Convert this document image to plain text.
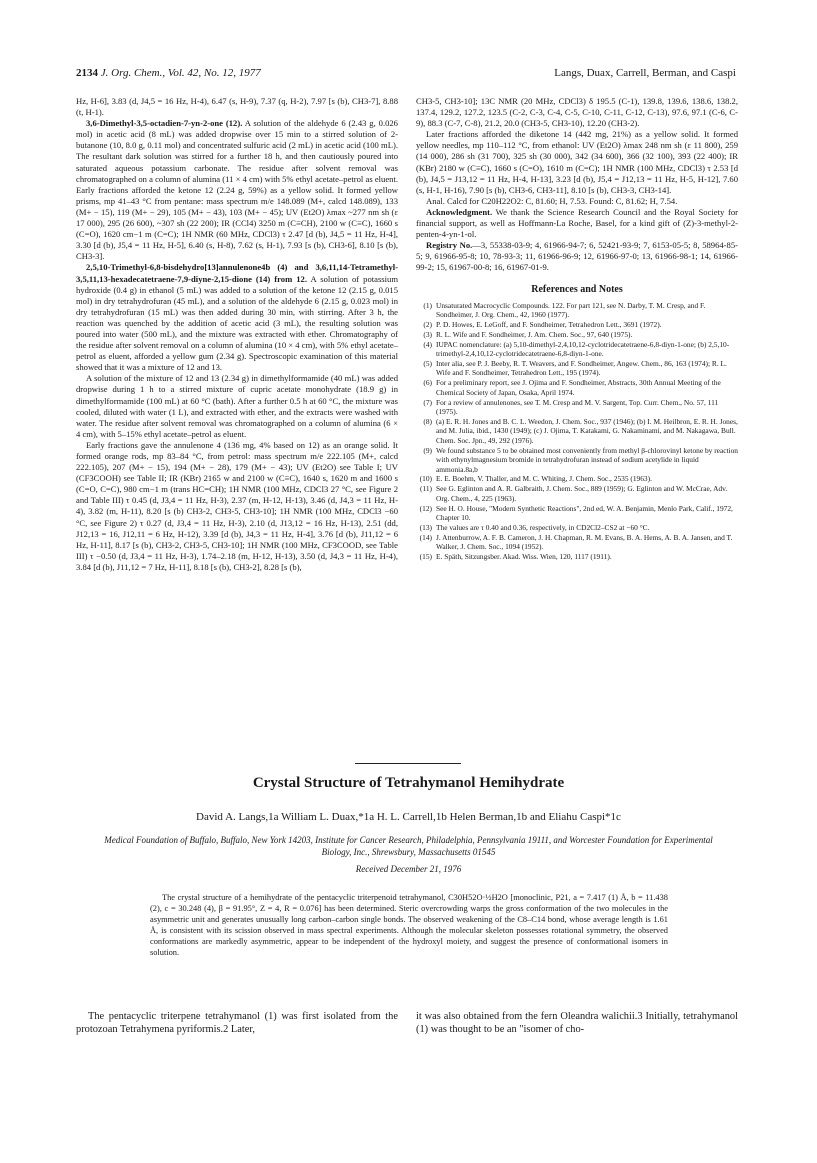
2134 J. Org. Chem., Vol. 42, No. 12, 1977	Langs, Duax, Carrell, Berman, and Caspi

Hz, H-6], 3.83 (d, J4,5 = 16 Hz, H-4), 6.47 (s, H-9), 7.37 (q, H-2), 7.97 [s (b), CH3-7], 8.88 (t, H-1).

3,6-Dimethyl-3,5-octadien-7-yn-2-one (12). A solution of the aldehyde 6 (2.43 g, 0.026 mol) in acetic acid (8 mL) was added dropwise over 15 min to a stirred solution of 2-butanone (10, 8.0 g, 0.11 mol) and concentrated sulfuric acid (2 mL) in acetic acid (100 mL). The resultant dark solution was stirred for a further 18 h, and then cautiously poured into saturated aqueous potassium carbonate. The residue after solvent removal was chromatographed on a column of alumina (11 × 4 cm) with 5% ethyl acetate–petrol as eluent. Early fractions afforded the ketone 12 (2.24 g, 59%) as a yellow solid. It formed yellow prisms, mp 41–43 °C from pentane: mass spectrum m/e 148.089 (M+, calcd 148.089), 133 (M+ − 15), 119 (M+ − 29), 105 (M+ − 43), 103 (M+ − 45); UV (Et2O) λmax ~277 nm sh (ε 17 000), 295 (26 600), ~307 sh (22 200); IR (CCl4) 3250 m (C≡CH), 2100 w (C≡C), 1660 s (C=O), 1620 cm−1 m (C=C); 1H NMR (60 MHz, CDCl3) τ 2.47 [d (b), J4,5 = 11 Hz, H-4], 3.30 [d (b), J5,4 = 11 Hz, H-5], 6.40 (s, H-8), 7.62 (s, H-1), 7.93 [s (b), CH3-6], 8.10 [s (b), CH3-3].

2,5,10-Trimethyl-6,8-bisdehydro[13]annulenone4b (4) and 3,6,11,14-Tetramethyl-3,5,11,13-hexadecatetraene-7,9-diyne-2,15-dione (14) from 12. A solution of potassium hydroxide (0.4 g) in ethanol (5 mL) was added to a solution of the ketone 12 (2.15 g, 0.015 mol) in dry tetrahydrofuran (45 mL), and a solution of the aldehyde 6 (2.15 g, 0.023 mol) in dry tetrahydrofuran (15 mL) was then added during 30 min, with stirring. After 3 h, the reaction was quenched by the addition of acetic acid (3 mL), the resulting solution was poured into water (500 mL), and the mixture was extracted with ether. Chromatography of the residue after solvent removal on a column of alumina (10 × 4 cm), with 5% ethyl acetate–petrol as eluent, afforded a yellow gum (2.34 g). Spectroscopic examination of this material showed that it was a mixture of 12 and 13.

A solution of the mixture of 12 and 13 (2.34 g) in dimethylformamide (40 mL) was added dropwise during 1 h to a stirred mixture of cupric acetate monohydrate (18.9 g) in dimethylformamide (100 mL) at 60 °C (bath). After a further 0.5 h at 60 °C, the mixture was cooled, diluted with water (1 L), and extracted with ether, and the extracts were washed with water. The residue after solvent removal was chromatographed on a column of alumina (6 × 4 cm), with 5–15% ethyl acetate–petrol as eluent.

Early fractions gave the annulenone 4 (136 mg, 4% based on 12) as an orange solid. It formed orange rods, mp 83–84 °C, from petrol: mass spectrum m/e 222.105 (M+, calcd 222.105), 207 (M+ − 15), 194 (M+ − 28), 179 (M+ − 43); UV (Et2O) see Table I; UV (CF3COOH) see Table II; IR (KBr) 2165 w and 2100 w (C≡C), 1640 s, 1620 m and 1600 s (C=O, C=C), 980 cm−1 m (trans HC=CH); 1H NMR (100 MHz, CDCl3 27 °C, see Figure 2 and Table III) τ 0.45 (d, J3,4 = 11 Hz, H-3), 2.37 (m, H-12, H-13), 3.46 (d, J4,3 = 11 Hz, H-4), 3.82 (m, H-11), 8.20 [s (b) CH3-2, CH3-5, CH3-10]; 1H NMR (100 MHz, CDCl3 −60 °C, see Figure 2) τ 0.27 (d, J3,4 = 11 Hz, H-3), 2.10 (d, J13,12 = 16 Hz, H-13), 2.51 (dd, J12,13 = 16, J12,11 = 6 Hz, H-12), 3.39 [d (b), J4,3 = 11 Hz, H-4], 3.76 [d (b), J11,12 = 6 Hz, H-11], 8.17 [s (b), CH3-2, CH3-5, CH3-10]; 1H NMR (100 MHz, CF3COOD, see Table III) τ −0.50 (d, J3,4 = 11 Hz, H-3), 1.74–2.18 (m, H-12, H-13), 3.50 (d, J4,3 = 11 Hz, H-4), 3.84 [d (b), J11,12 = 7 Hz, H-11], 8.18 [s (b), CH3-2], 8.28 [s (b),

CH3-5, CH3-10]; 13C NMR (20 MHz, CDCl3) δ 195.5 (C-1), 139.8, 139.6, 138.6, 138.2, 137.4, 129.2, 127.2, 123.5 (C-2, C-3, C-4, C-5, C-10, C-11, C-12, C-13), 97.6, 97.1 (C-6, C-9), 88.3 (C-7, C-8), 21.2, 20.0 (CH3-5, CH3-10), 12.20 (CH3-2).

Later fractions afforded the diketone 14 (442 mg, 21%) as a yellow solid. It formed yellow needles, mp 110–112 °C, from ethanol: UV (Et2O) λmax 248 nm sh (ε 11 800), 259 (14 000), 286 sh (31 700), 325 sh (30 000), 342 (34 600), 366 (32 100), 393 (22 400); IR (KBr) 2180 w (C≡C), 1660 s (C=O), 1610 m (C=C); 1H NMR (100 MHz, CDCl3) τ 2.53 [d (b), J4,5 = J13,12 = 11 Hz, H-4, H-13], 3.23 [d (b), J5,4 = J12,13 = 11 Hz, H-5, H-12], 7.60 (s, H-1, H-16), 7.90 [s (b), CH3-6, CH3-11], 8.10 [s (b), CH3-3, CH3-14].

Anal. Calcd for C20H22O2: C, 81.60; H, 7.53. Found: C, 81.62; H, 7.54.

Acknowledgment. We thank the Science Research Council and the Royal Society for financial support, as well as Hoffmann-La Roche, Basel, for a kind gift of (Z)-3-methyl-2-penten-4-yn-1-ol.

Registry No.—3, 55338-03-9; 4, 61966-94-7; 6, 52421-93-9; 7, 6153-05-5; 8, 58964-85-5; 9, 61966-95-8; 10, 78-93-3; 11, 61966-96-9; 12, 61966-97-0; 13, 61966-98-1; 14, 61966-99-2; 15, 61967-00-8; 16, 61967-01-9.

References and Notes
(1) Unsaturated Macrocyclic Compounds. 122. For part 121, see N. Darby, T. M. Cresp, and F. Sondheimer, J. Org. Chem., 42, 1960 (1977).
(2) P. D. Howes, E. LeGoff, and F. Sondheimer, Tetrahedron Lett., 3691 (1972).
(3) R. L. Wife and F. Sondheimer, J. Am. Chem. Soc., 97, 640 (1975).
(4) IUPAC nomenclature: (a) 5,10-dimethyl-2,4,10,12-cyclotridecatetraene-6,8-diyn-1-one; (b) 2,5,10-trimethyl-2,4,10,12-cyclotridecatetraene-6,8-diyn-1-one.
(5) Inter alia, see P. J. Beeby, R. T. Weavers, and F. Sondheimer, Angew. Chem., 86, 163 (1974); R. L. Wife and F. Sondheimer, Tetrahedron Lett., 195 (1974).
(6) For a preliminary report, see J. Ojima and F. Sondheimer, Abstracts, 30th Annual Meeting of the Chemical Society of Japan, Osaka, April 1974.
(7) For a review of annulenones, see T. M. Cresp and M. V. Sargent, Top. Curr. Chem., No. 57, 111 (1975).
(8) (a) E. R. H. Jones and B. C. L. Weedon, J. Chem. Soc., 937 (1946); (b) I. M. Heilbron, E. R. H. Jones, and M. Julia, ibid., 1430 (1949); (c) J. Ojima, T. Katakami, G. Nakaminami, and M. Nakagawa, Bull. Chem. Soc. Jpn., 49, 292 (1976).
(9) We found substance 5 to be obtained most conveniently from methyl β-chlorovinyl ketone by reaction with ethynylmagnesium bromide in tetrahydrofuran instead of sodium acetylide in liquid ammonia.8a,b
(10) E. E. Boehm, V. Thaller, and M. C. Whiting, J. Chem. Soc., 2535 (1963).
(11) See G. Eglinton and A. R. Galbraith, J. Chem. Soc., 889 (1959); G. Eglinton and W. McCrae, Adv. Org. Chem., 4, 225 (1963).
(12) See H. O. House, "Modern Synthetic Reactions", 2nd ed, W. A. Benjamin, Menlo Park, Calif., 1972, Chapter 10.
(13) The values are τ 0.40 and 0.36, respectively, in CD2Cl2–CS2 at −60 °C.
(14) J. Attenburrow, A. F. B. Cameron, J. H. Chapman, R. M. Evans, B. A. Hems, A. B. A. Jansen, and T. Walker, J. Chem. Soc., 1094 (1952).
(15) E. Späth, Sitzungsber. Akad. Wiss. Wien, 120, 1117 (1911).
Crystal Structure of Tetrahymanol Hemihydrate
David A. Langs,1a William L. Duax,*1a H. L. Carrell,1b Helen Berman,1b and Eliahu Caspi*1c
Medical Foundation of Buffalo, Buffalo, New York 14203, Institute for Cancer Research, Philadelphia, Pennsylvania 19111, and Worcester Foundation for Experimental Biology, Inc., Shrewsbury, Massachusetts 01545
Received December 21, 1976
The crystal structure of a hemihydrate of the pentacyclic triterpenoid tetrahymanol, C30H52O·½H2O [monoclinic, P21, a = 7.417 (1) Å, b = 11.438 (2), c = 30.248 (4), β = 91.95°, Z = 4, R = 0.076] has been determined. Steric overcrowding warps the gross conformation of the two molecules in the asymmetric unit and generates unusually long carbon–carbon single bonds. The observed weakening of the C8–C14 bond, whose average length is 1.61 Å, is consistent with its scission observed in mass spectral experiments. Although the molecular skeleton possesses rotational symmetry, the observed conformations are markedly asymmetric, appear to be independent of the hydroxyl moiety, and suggest the presence of conformational isomers in solution.
The pentacyclic triterpene tetrahymanol (1) was first isolated from the protozoan Tetrahymena pyriformis.2 Later,
it was also obtained from the fern Oleandra walichii.3 Initially, tetrahymanol (1) was thought to be an "isomer of cho-
